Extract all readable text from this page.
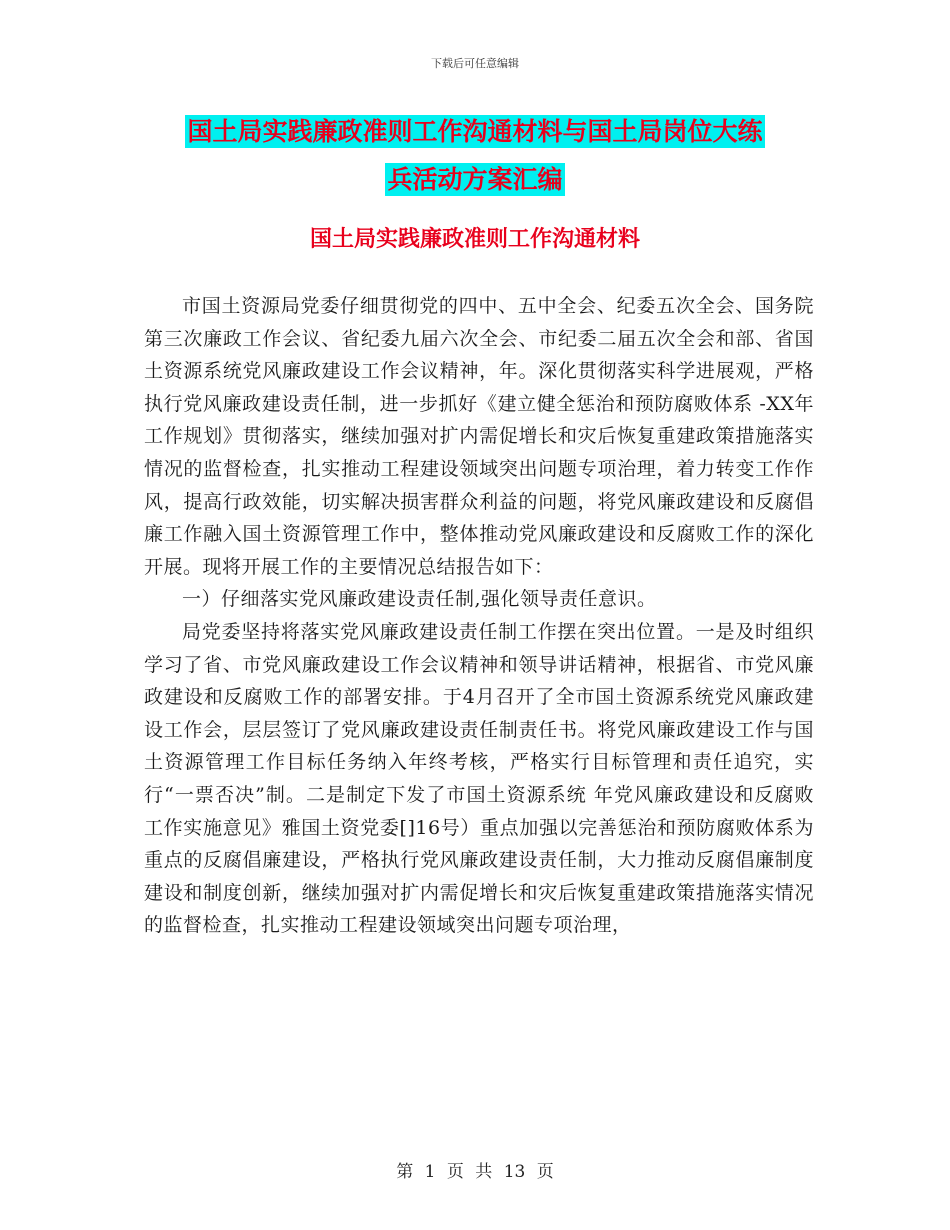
下载后可任意编辑
国土局实践廉政准则工作沟通材料与国土局岗位大练
兵活动方案汇编
国土局实践廉政准则工作沟通材料

市国土资源局党委仔细贯彻党的四中、五中全会、纪委五次全会、国务院第三次廉政工作会议、省纪委九届六次全会、市纪委二届五次全会和部、省国土资源系统党风廉政建设工作会议精神，年。深化贯彻落实科学进展观，严格执行党风廉政建设责任制，进一步抓好《建立健全惩治和预防腐败体系 -XX年工作规划》贯彻落实，继续加强对扩内需促增长和灾后恢复重建政策措施落实情况的监督检查，扎实推动工程建设领域突出问题专项治理，着力转变工作作风，提高行政效能，切实解决损害群众利益的问题，将党风廉政建设和反腐倡廉工作融入国土资源管理工作中，整体推动党风廉政建设和反腐败工作的深化开展。现将开展工作的主要情况总结报告如下：

一）仔细落实党风廉政建设责任制,强化领导责任意识。

局党委坚持将落实党风廉政建设责任制工作摆在突出位置。一是及时组织学习了省、市党风廉政建设工作会议精神和领导讲话精神，根据省、市党风廉政建设和反腐败工作的部署安排。于4月召开了全市国土资源系统党风廉政建设工作会，层层签订了党风廉政建设责任制责任书。将党风廉政建设工作与国土资源管理工作目标任务纳入年终考核，严格实行目标管理和责任追究，实行“一票否决”制。二是制定下发了市国土资源系统 年党风廉政建设和反腐败工作实施意见》雅国土资党委[]16号）重点加强以完善惩治和预防腐败体系为重点的反腐倡廉建设，严格执行党风廉政建设责任制，大力推动反腐倡廉制度建设和制度创新，继续加强对扩内需促增长和灾后恢复重建政策措施落实情况的监督检查，扎实推动工程建设领域突出问题专项治理，

第 1 页 共 13 页
